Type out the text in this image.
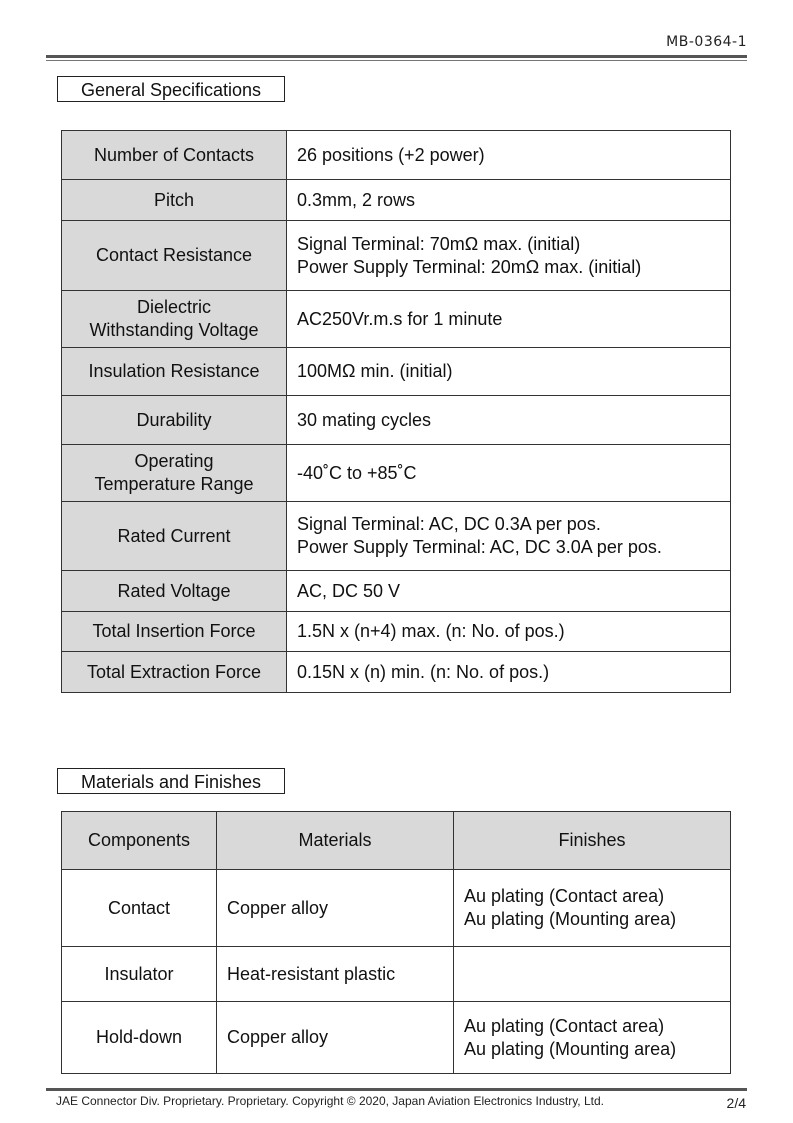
MB-0364-1
General Specifications
Number of Contacts	26 positions (+2 power)

Pitch	0.3mm, 2 rows

Contact Resistance	Signal Terminal: 70mΩ max. (initial)
Power Supply Terminal: 20mΩ max. (initial)

Dielectric
Withstanding Voltage	AC250Vr.m.s for 1 minute

Insulation Resistance	100MΩ min. (initial)

Durability	30 mating cycles

Operating
Temperature Range	-40˚C to +85˚C

Rated Current	Signal Terminal: AC, DC 0.3A per pos.
Power Supply Terminal: AC, DC 3.0A per pos.

Rated Voltage	AC, DC 50 V

Total Insertion Force	1.5N x (n+4) max. (n: No. of pos.)

Total Extraction Force	0.15N x (n) min. (n: No. of pos.)
Materials and Finishes
Components	Materials	Finishes
Contact	Copper alloy	Au plating (Contact area)
Au plating (Mounting area)

Insulator	Heat-resistant plastic	
Hold-down	Copper alloy	Au plating (Contact area)
Au plating (Mounting area)
JAE Connector Div. Proprietary. Proprietary. Copyright © 2020, Japan Aviation Electronics Industry, Ltd.	2/4
